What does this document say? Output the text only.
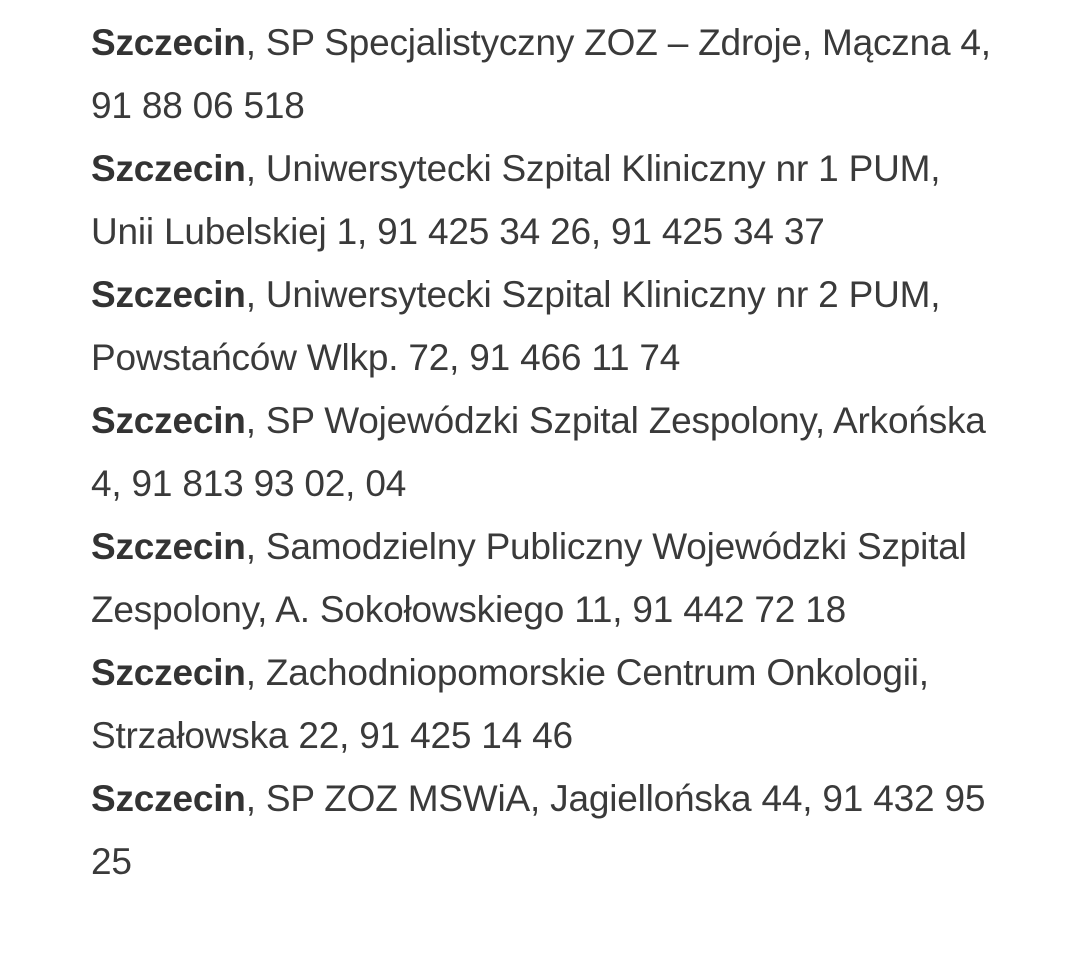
Szczecin, SP Specjalistyczny ZOZ – Zdroje, Mączna 4, 91 88 06 518

Szczecin, Uniwersytecki Szpital Kliniczny nr 1 PUM, Unii Lubelskiej 1, 91 425 34 26, 91 425 34 37

Szczecin, Uniwersytecki Szpital Kliniczny nr 2 PUM, Powstańców Wlkp. 72, 91 466 11 74

Szczecin, SP Wojewódzki Szpital Zespolony, Arkońska 4, 91 813 93 02, 04

Szczecin, Samodzielny Publiczny Wojewódzki Szpital Zespolony, A. Sokołowskiego 11, 91 442 72 18

Szczecin, Zachodniopomorskie Centrum Onkologii, Strzałowska 22, 91 425 14 46

Szczecin, SP ZOZ MSWiA, Jagiellońska 44, 91 432 95 25
